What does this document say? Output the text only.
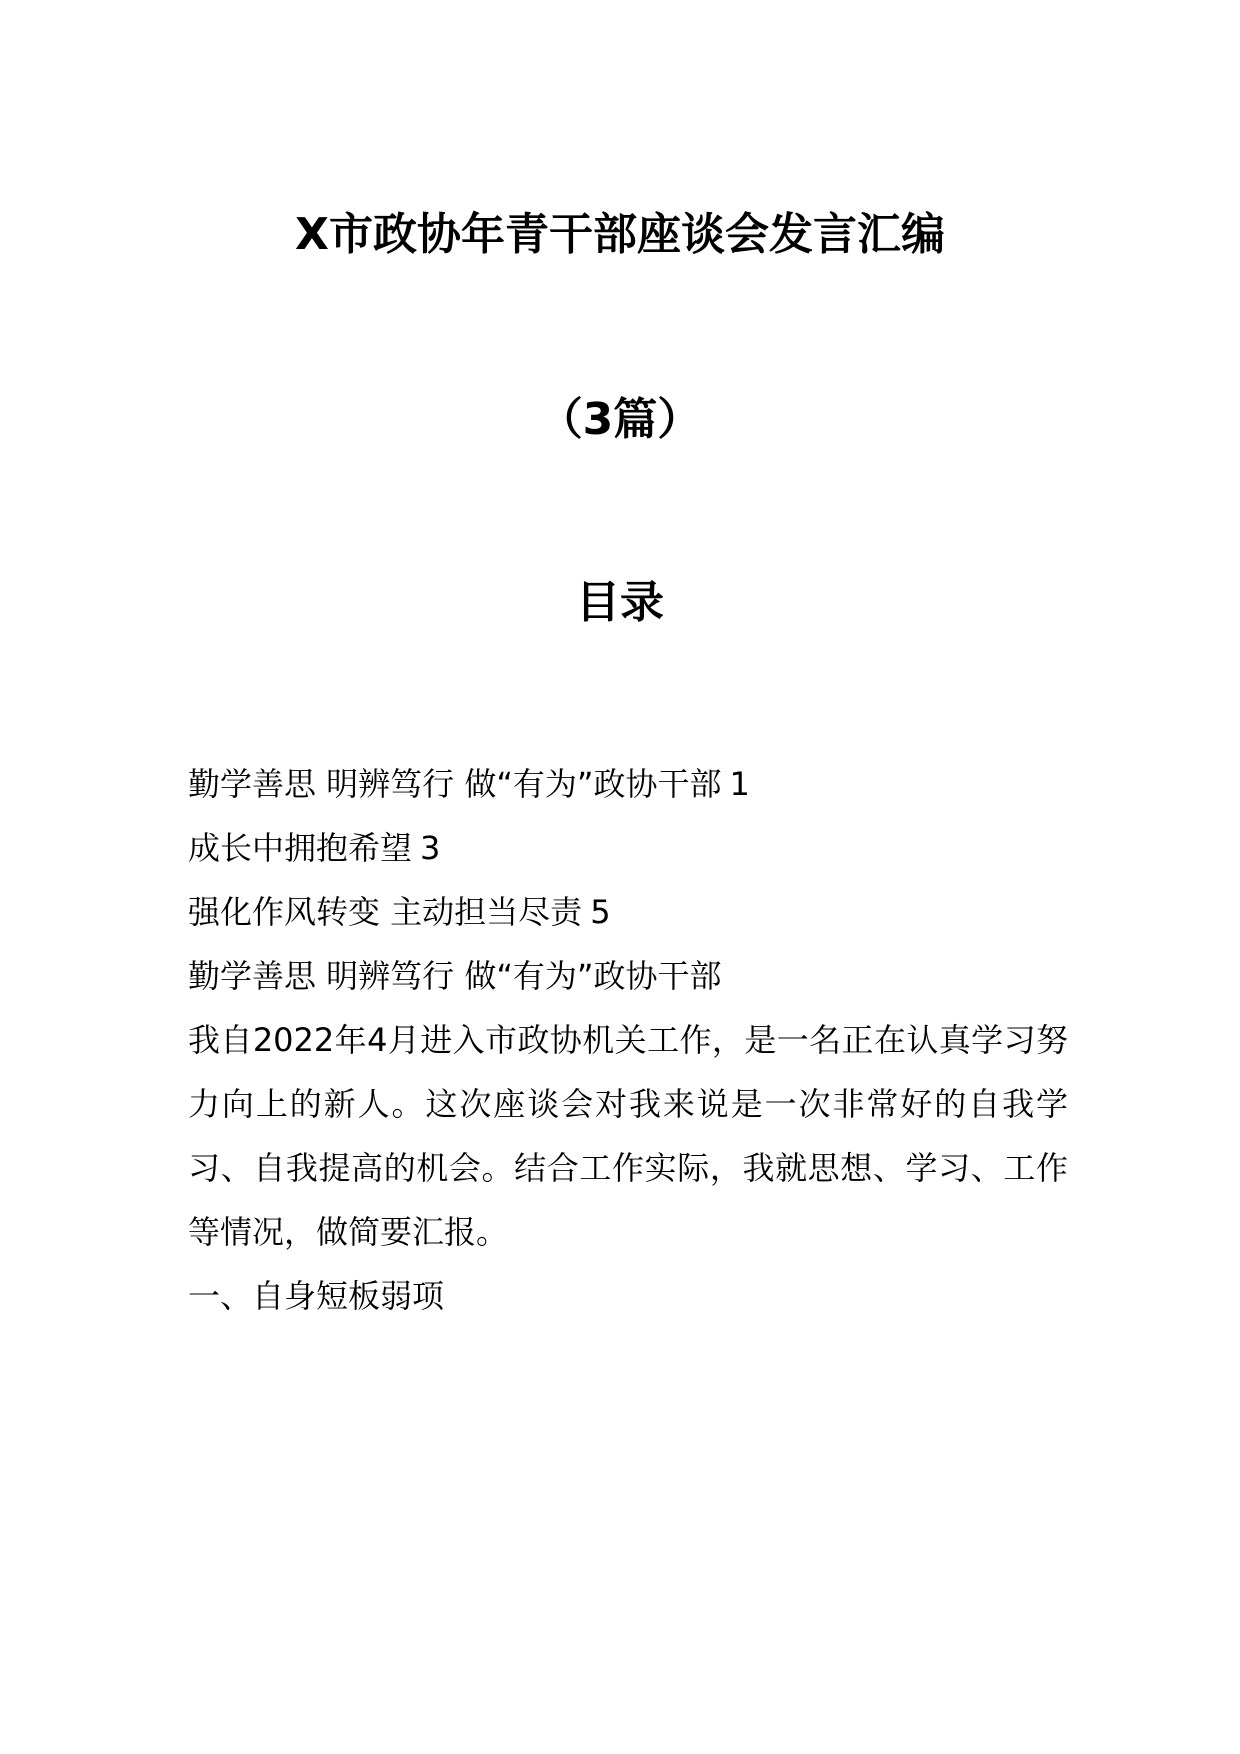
X市政协年青干部座谈会发言汇编
（3篇）
目录
勤学善思 明辨笃行 做“有为”政协干部 1
成长中拥抱希望 3
强化作风转变 主动担当尽责 5
勤学善思 明辨笃行 做“有为”政协干部
我自2022年4月进入市政协机关工作，是一名正在认真学习努力向上的新人。这次座谈会对我来说是一次非常好的自我学习、自我提高的机会。结合工作实际，我就思想、学习、工作等情况，做简要汇报。
一、自身短板弱项
